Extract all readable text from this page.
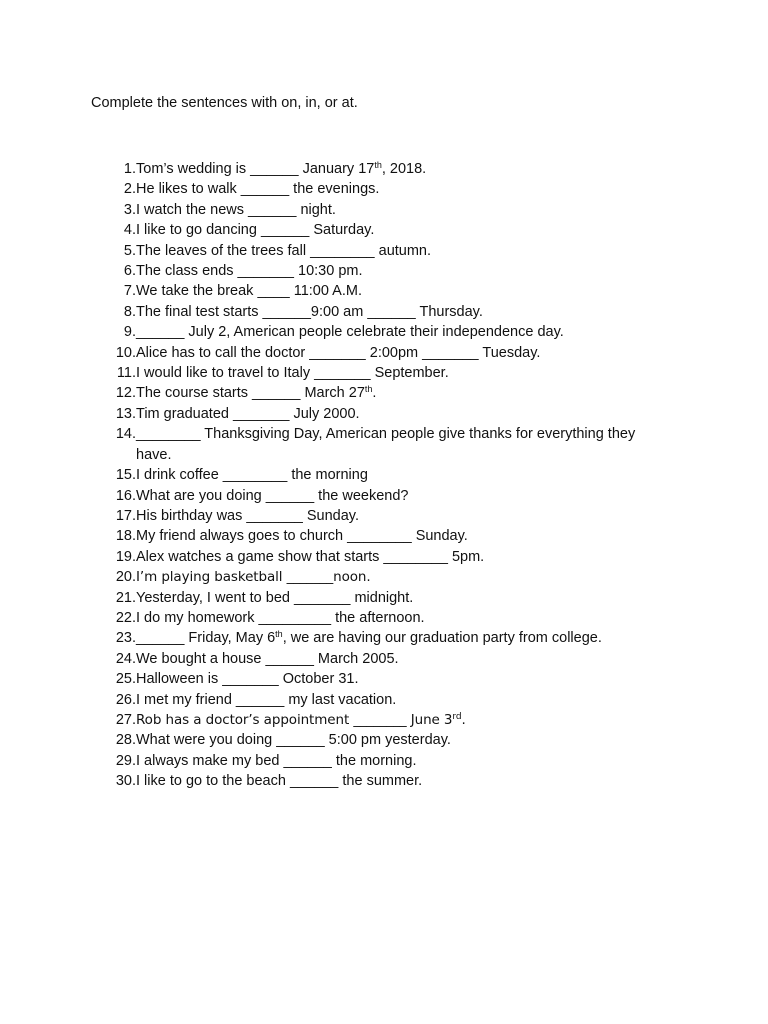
Complete the sentences with on, in, or at.
1. Tom’s wedding is ______ January 17th, 2018.
2. He likes to walk ______ the evenings.
3. I watch the news ______ night.
4. I like to go dancing ______ Saturday.
5. The leaves of the trees fall ________ autumn.
6. The class ends _______ 10:30 pm.
7. We take the break ____ 11:00 A.M.
8. The final test starts ______9:00 am ______ Thursday.
9. ______ July 2, American people celebrate their independence day.
10. Alice has to call the doctor _______ 2:00pm _______ Tuesday.
11. I would like to travel to Italy _______ September.
12. The course starts ______ March 27th.
13. Tim graduated _______ July 2000.
14. ________ Thanksgiving Day, American people give thanks for everything they have.
15. I drink coffee ________ the morning
16. What are you doing ______ the weekend?
17. His birthday was _______ Sunday.
18. My friend always goes to church ________ Sunday.
19. Alex watches a game show that starts ________ 5pm.
20. I’m playing basketball _______noon.
21. Yesterday, I went to bed _______ midnight.
22. I do my homework _________ the afternoon.
23. ______ Friday, May 6th, we are having our graduation party from college.
24. We bought a house ______ March 2005.
25. Halloween is _______ October 31.
26. I met my friend ______ my last vacation.
27. Rob has a doctor’s appointment ________ June 3rd.
28. What were you doing ______ 5:00 pm yesterday.
29. I always make my bed ______ the morning.
30. I like to go to the beach ______ the summer.
